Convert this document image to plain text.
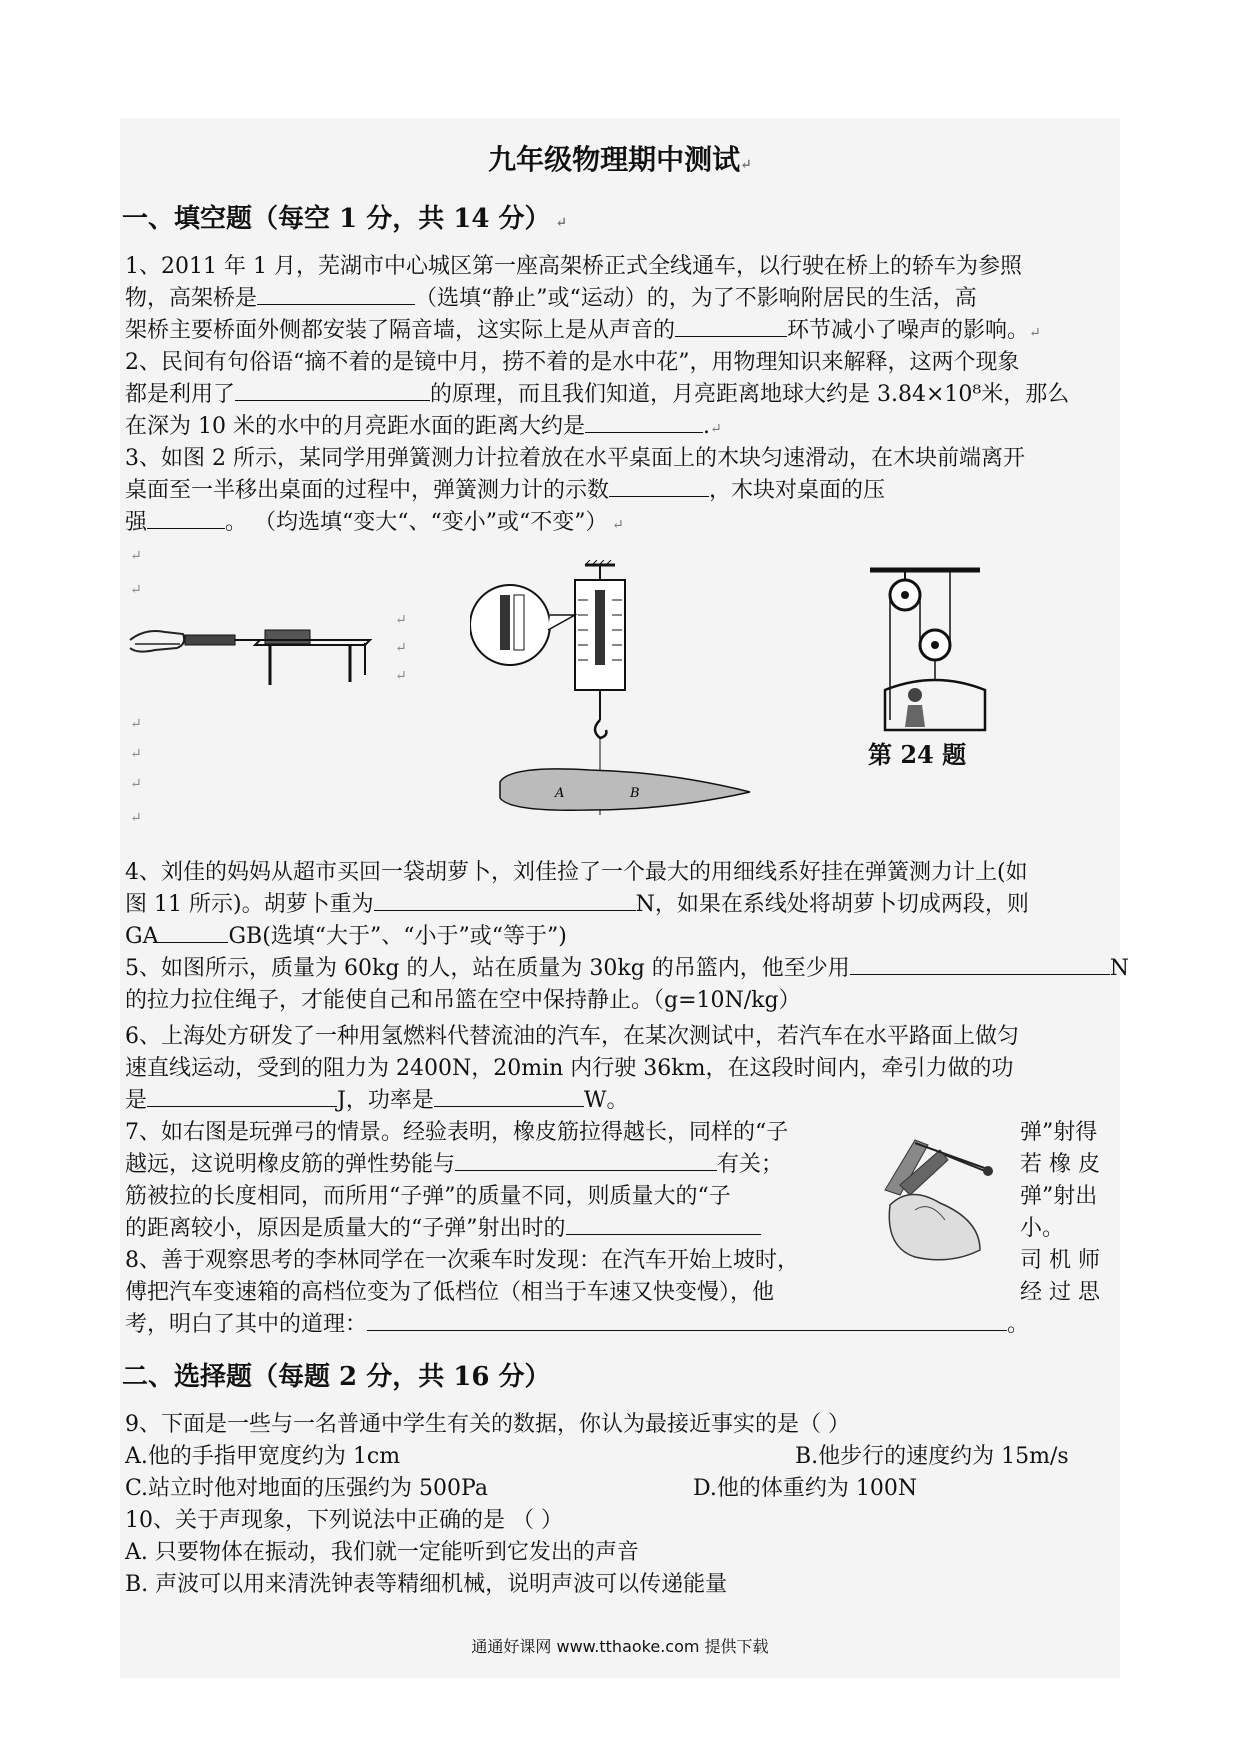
九年级物理期中测试↵
一、填空题（每空 1 分，共 14 分） ↵
1、2011 年 1 月，芜湖市中心城区第一座高架桥正式全线通车，以行驶在桥上的轿车为参照
物，高架桥是	（选填“静止”或“运动）的，为了不影响附居民的生活，高
架桥主要桥面外侧都安装了隔音墙，这实际上是从声音的	环节减小了噪声的影响。↵
2、民间有句俗语“摘不着的是镜中月，捞不着的是水中花”，用物理知识来解释，这两个现象
都是利用了	的原理，而且我们知道，月亮距离地球大约是 3.84×10⁸米，那么
在深为 10 米的水中的月亮距水面的距离大约是	.↵
3、如图 2 所示，某同学用弹簧测力计拉着放在水平桌面上的木块匀速滑动，在木块前端离开
桌面至一半移出桌面的过程中，弹簧测力计的示数	，木块对桌面的压
强	。 （均选填“变大“、“变小”或“不变”） ↵
↵
↵
↵
↵
↵
↵
↵
↵
↵
A	B
第 24 题
4、刘佳的妈妈从超市买回一袋胡萝卜，刘佳捡了一个最大的用细线系好挂在弹簧测力计上(如
图 11 所示)。胡萝卜重为	N，如果在系线处将胡萝卜切成两段，则
GA	GB(选填“大于”、“小于”或“等于”)
5、如图所示，质量为 60kg 的人，站在质量为 30kg 的吊篮内，他至少用	N
的拉力拉住绳子，才能使自己和吊篮在空中保持静止。（g=10N/kg）
6、上海处方研发了一种用氢燃料代替流油的汽车，在某次测试中，若汽车在水平路面上做匀
速直线运动，受到的阻力为 2400N，20min 内行驶 36km，在这段时间内，牵引力做的功
是	J，功率是	W。
7、如右图是玩弹弓的情景。经验表明，橡皮筋拉得越长，同样的“子
越远，这说明橡皮筋的弹性势能与	有关；
筋被拉的长度相同，而所用“子弹”的质量不同，则质量大的“子
的距离较小，原因是质量大的“子弹”射出时的
弹”射得
若 橡 皮
弹”射出
小。
8、善于观察思考的李林同学在一次乘车时发现：在汽车开始上坡时，	司 机 师
傅把汽车变速箱的高档位变为了低档位（相当于车速又快变慢），他	经 过 思
考，明白了其中的道理：	。
二、选择题（每题 2 分，共 16 分）
9、下面是一些与一名普通中学生有关的数据，你认为最接近事实的是（ ）
A.他的手指甲宽度约为 1cm	B.他步行的速度约为 15m/s
C.站立时他对地面的压强约为 500Pa	D.他的体重约为 100N
10、关于声现象，下列说法中正确的是 （ ）
A. 只要物体在振动，我们就一定能听到它发出的声音
B. 声波可以用来清洗钟表等精细机械，说明声波可以传递能量
通通好课网 www.tthaoke.com 提供下载
